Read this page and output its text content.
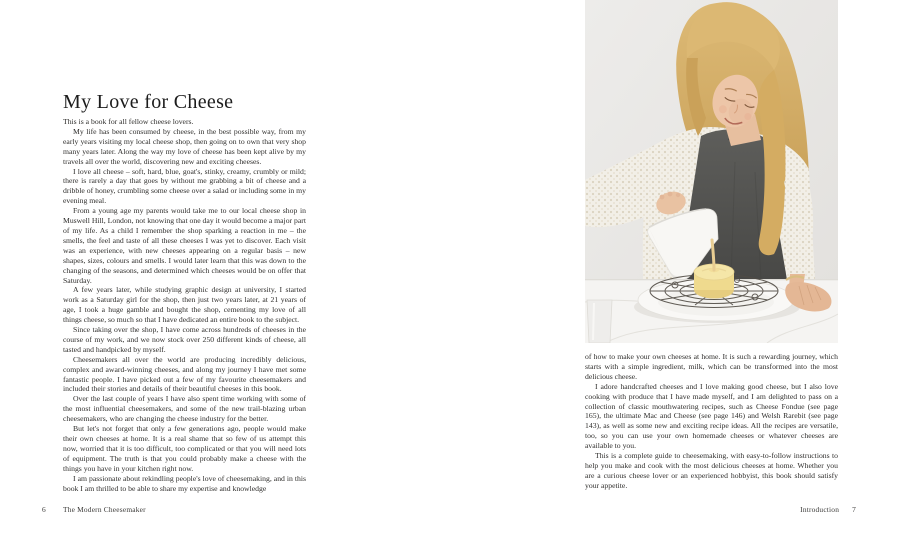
My Love for Cheese

This is a book for all fellow cheese lovers.

My life has been consumed by cheese, in the best possible way, from my early years visiting my local cheese shop, then going on to own that very shop many years later. Along the way my love of cheese has been kept alive by my travels all over the world, discovering new and exciting cheeses.

I love all cheese – soft, hard, blue, goat's, stinky, creamy, crumbly or mild; there is rarely a day that goes by without me grabbing a bit of cheese and a dribble of honey, crumbling some cheese over a salad or including some in my evening meal.

From a young age my parents would take me to our local cheese shop in Muswell Hill, London, not knowing that one day it would become a major part of my life. As a child I remember the shop sparking a reaction in me – the smells, the feel and taste of all these cheeses I was yet to discover. Each visit was an experience, with new cheeses appearing on a regular basis – new shapes, sizes, colours and smells. I would later learn that this was down to the changing of the seasons, and determined which cheeses would be on offer that Saturday.

A few years later, while studying graphic design at university, I started work as a Saturday girl for the shop, then just two years later, at 21 years of age, I took a huge gamble and bought the shop, cementing my love of all things cheese, so much so that I have dedicated an entire book to the subject.

Since taking over the shop, I have come across hundreds of cheeses in the course of my work, and we now stock over 250 different kinds of cheese, all tasted and handpicked by myself.

Cheesemakers all over the world are producing incredibly delicious, complex and award-winning cheeses, and along my journey I have met some fantastic people. I have picked out a few of my favourite cheesemakers and included their stories and details of their beautiful cheeses in this book.

Over the last couple of years I have also spent time working with some of the most influential cheesemakers, and some of the new trail-blazing urban cheesemakers, who are changing the cheese industry for the better.

But let's not forget that only a few generations ago, people would make their own cheeses at home. It is a real shame that so few of us attempt this now, worried that it is too difficult, too complicated or that you will need lots of equipment. The truth is that you could probably make a cheese with the things you have in your kitchen right now.

I am passionate about rekindling people's love of cheesemaking, and in this book I am thrilled to be able to share my expertise and knowledge

6 The Modern Cheesemaker

of how to make your own cheeses at home. It is such a rewarding journey, which starts with a simple ingredient, milk, which can be transformed into the most delicious cheese.

I adore handcrafted cheeses and I love making good cheese, but I also love cooking with produce that I have made myself, and I am delighted to pass on a collection of classic mouthwatering recipes, such as Cheese Fondue (see page 165), the ultimate Mac and Cheese (see page 146) and Welsh Rarebit (see page 143), as well as some new and exciting recipe ideas. All the recipes are versatile, too, so you can use your own homemade cheeses or whatever cheeses are available to you.

This is a complete guide to cheesemaking, with easy-to-follow instructions to help you make and cook with the most delicious cheeses at home. Whether you are a curious cheese lover or an experienced hobbyist, this book should satisfy your appetite.

Introduction 7
